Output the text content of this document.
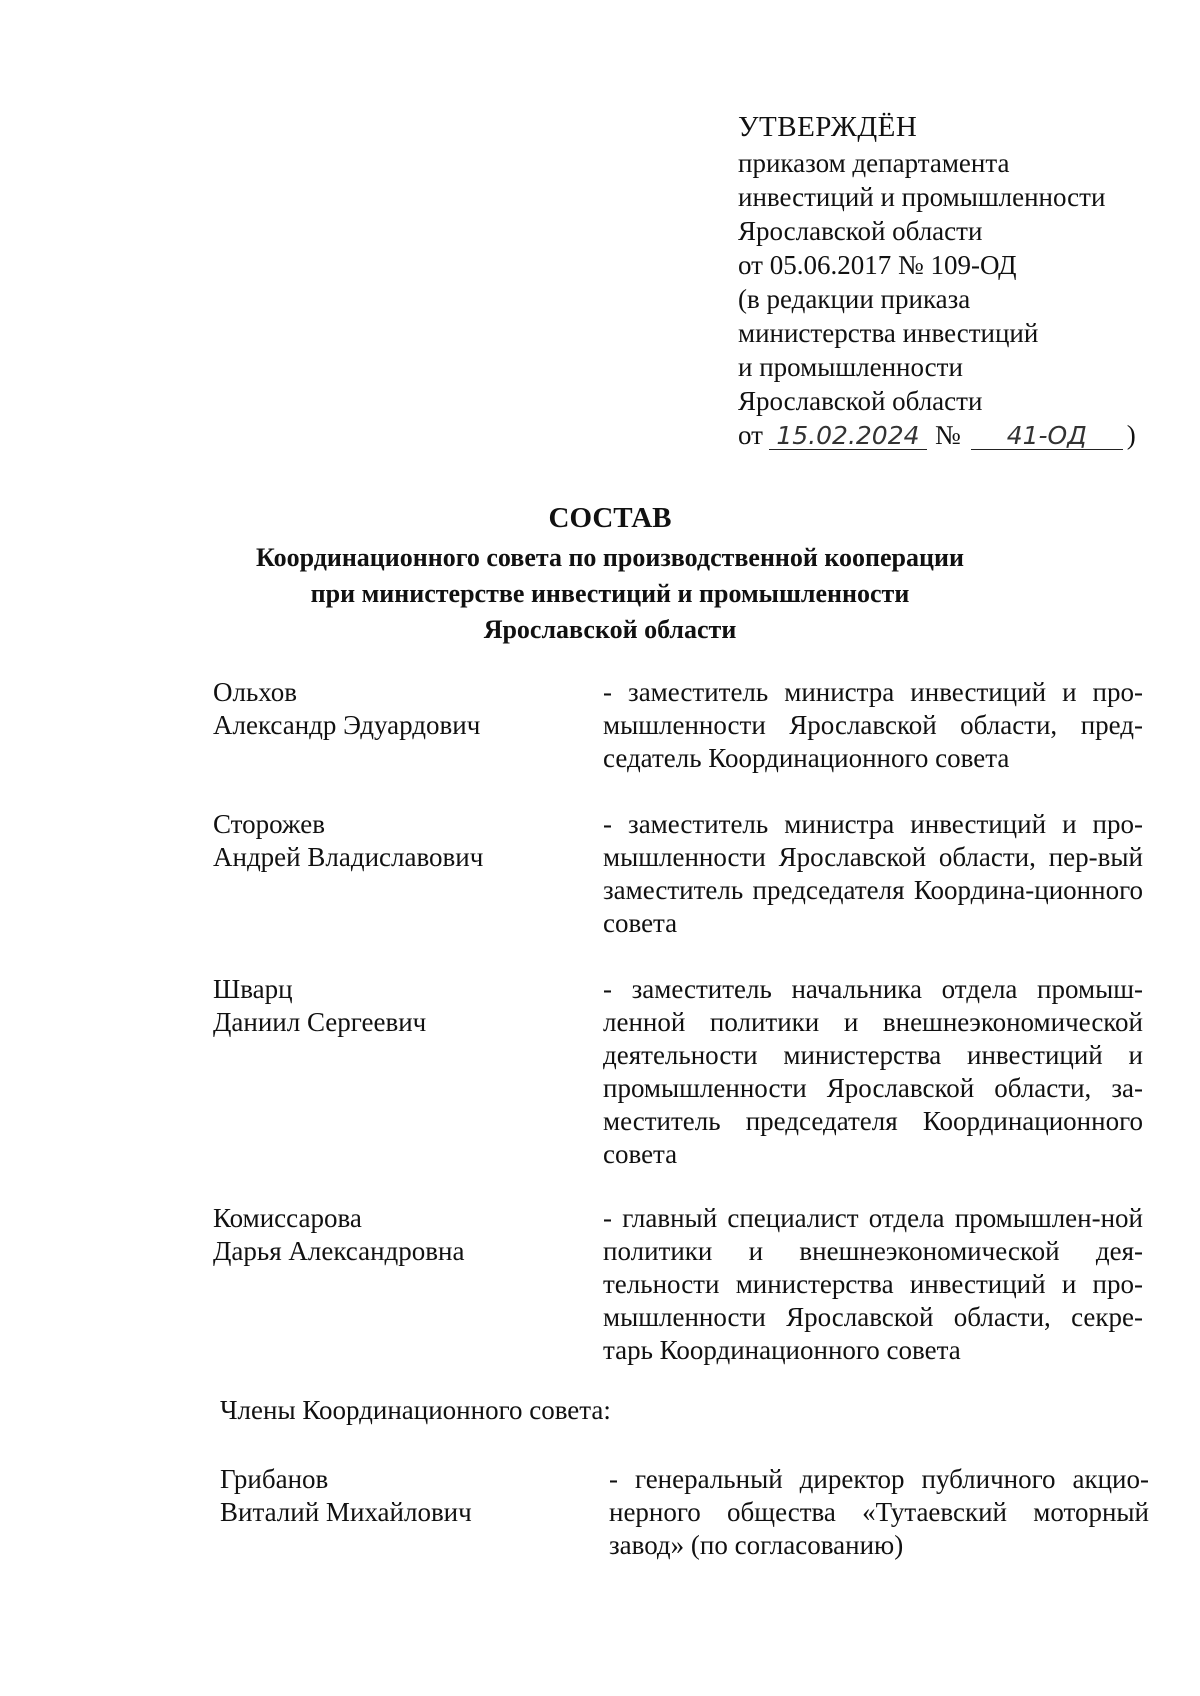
УТВЕРЖДЁН
приказом департамента
инвестиций и промышленности
Ярославской области
от 05.06.2017 № 109-ОД
(в редакции приказа
министерства инвестиций
и промышленности
Ярославской области
от 15.02.2024 №	41-ОД	)
СОСТАВ
Координационного совета по производственной кооперации
при министерстве инвестиций и промышленности
Ярославской области
Ольхов
Александр Эдуардович
- заместитель министра инвестиций и про-мышленности Ярославской области, пред-седатель Координационного совета
Сторожев
Андрей Владиславович
- заместитель министра инвестиций и про-мышленности Ярославской области, пер-вый заместитель председателя Координа-ционного совета
Шварц
Даниил Сергеевич
- заместитель начальника отдела промыш-ленной политики и внешнеэкономической деятельности министерства инвестиций и промышленности Ярославской области, за-меститель председателя Координационного совета
Комиссарова
Дарья Александровна
- главный специалист отдела промышлен-ной политики и внешнеэкономической дея-тельности министерства инвестиций и про-мышленности Ярославской области, секре-тарь Координационного совета
Члены Координационного совета:
Грибанов
Виталий Михайлович
- генеральный директор публичного акцио-нерного общества «Тутаевский моторный завод» (по согласованию)
